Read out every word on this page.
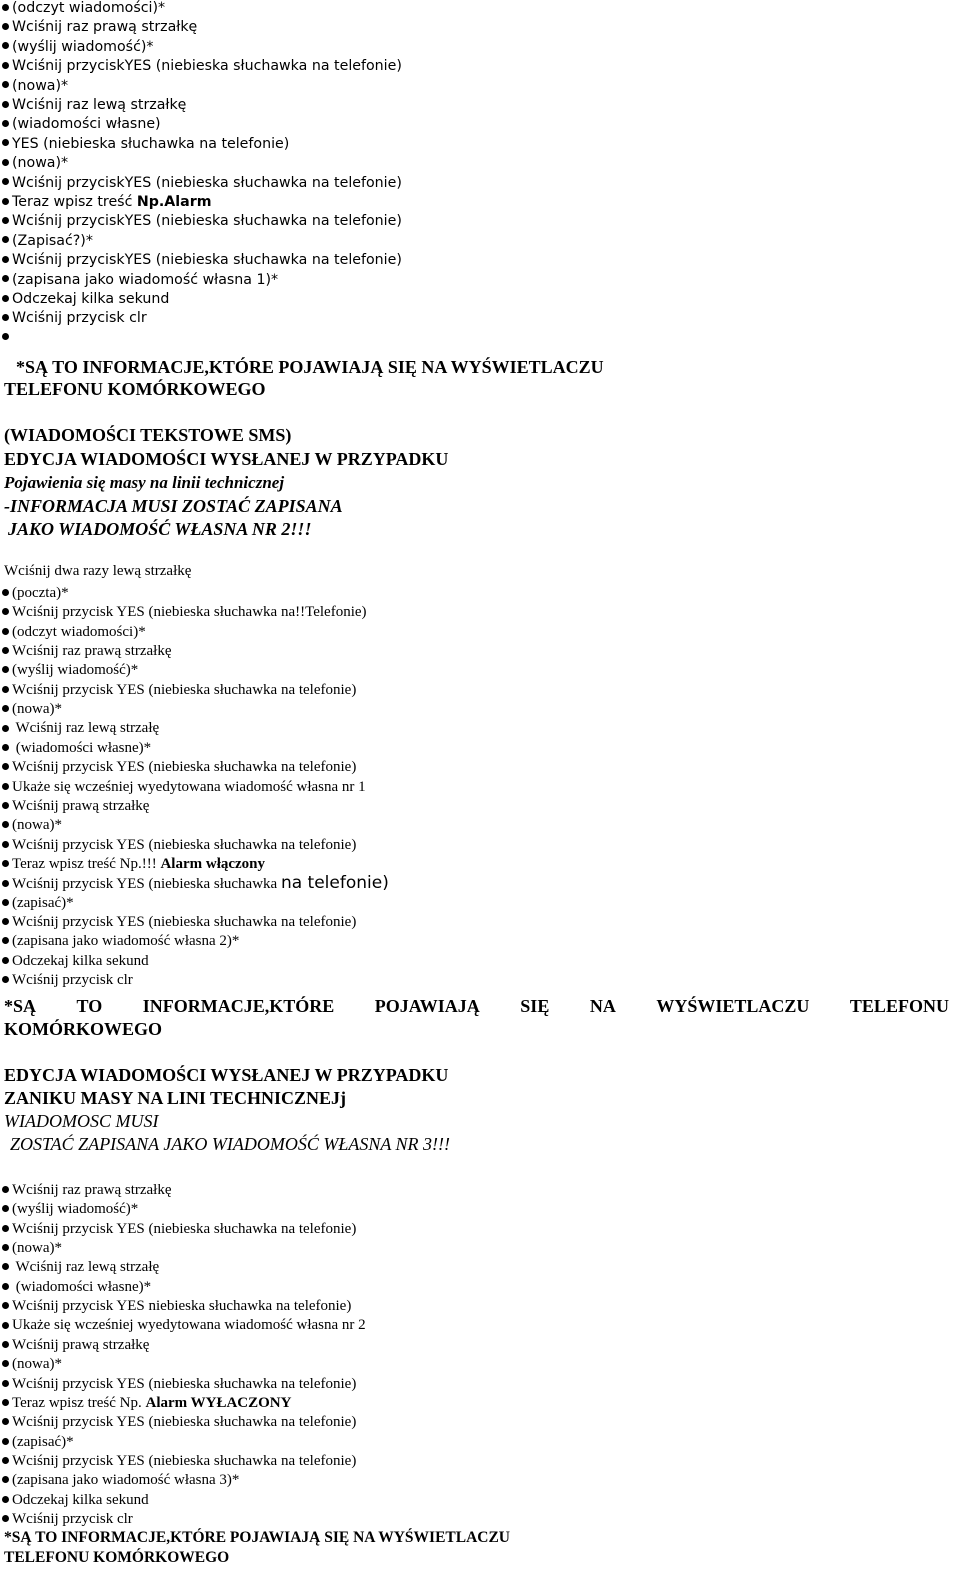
(odczyt wiadomości)*
Wciśnij raz prawą strzałkę
(wyślij wiadomość)*
Wciśnij przyciskYES (niebieska słuchawka na telefonie)
(nowa)*
Wciśnij raz lewą strzałkę
(wiadomości własne)
YES (niebieska słuchawka na telefonie)
(nowa)*
Wciśnij przyciskYES (niebieska słuchawka na telefonie)
Teraz wpisz treść Np.Alarm
Wciśnij przyciskYES (niebieska słuchawka na telefonie)
(Zapisać?)*
Wciśnij przyciskYES (niebieska słuchawka na telefonie)
(zapisana jako wiadomość własna 1)*
Odczekaj kilka sekund
Wciśnij przycisk clr
*SĄ TO INFORMACJE,KTÓRE POJAWIAJĄ SIĘ NA WYŚWIETLACZU
TELEFONU KOMÓRKOWEGO
(WIADOMOŚCI TEKSTOWE SMS)
EDYCJA WIADOMOŚCI WYSŁANEJ W PRZYPADKU
Pojawienia się masy na linii technicznej
-INFORMACJA MUSI ZOSTAĆ ZAPISANA
JAKO WIADOMOŚĆ WŁASNA NR 2!!!
Wciśnij dwa razy lewą strzałkę
(poczta)*
Wciśnij przycisk YES (niebieska słuchawka na!!Telefonie)
(odczyt wiadomości)*
Wciśnij raz prawą strzałkę
(wyślij wiadomość)*
Wciśnij przycisk YES (niebieska słuchawka na telefonie)
(nowa)*
Wciśnij raz lewą strzałę
(wiadomości własne)*
Wciśnij przycisk YES (niebieska słuchawka na telefonie)
Ukaże się wcześniej wyedytowana wiadomość własna nr 1
Wciśnij prawą strzałkę
(nowa)*
Wciśnij przycisk YES (niebieska słuchawka na telefonie)
Teraz wpisz treść Np.!!! Alarm włączony
Wciśnij przycisk YES (niebieska słuchawka na telefonie)
(zapisać)*
Wciśnij przycisk YES (niebieska słuchawka na telefonie)
(zapisana jako wiadomość własna 2)*
Odczekaj kilka sekund
Wciśnij przycisk clr
*SĄ TO INFORMACJE,KTÓRE POJAWIAJĄ SIĘ NA WYŚWIETLACZU TELEFONU
KOMÓRKOWEGO
EDYCJA WIADOMOŚCI WYSŁANEJ W PRZYPADKU
ZANIKU MASY NA LINI TECHNICZNEJj
WIADOMOSC MUSI
ZOSTAĆ ZAPISANA JAKO WIADOMOŚĆ WŁASNA NR 3!!!
Wciśnij raz prawą strzałkę
(wyślij wiadomość)*
Wciśnij przycisk YES (niebieska słuchawka na telefonie)
(nowa)*
Wciśnij raz lewą strzałę
(wiadomości własne)*
Wciśnij przycisk YES niebieska słuchawka na telefonie)
Ukaże się wcześniej wyedytowana wiadomość własna nr 2
Wciśnij prawą strzałkę
(nowa)*
Wciśnij przycisk YES (niebieska słuchawka na telefonie)
Teraz wpisz treść Np. Alarm WYŁACZONY
Wciśnij przycisk YES (niebieska słuchawka na telefonie)
(zapisać)*
Wciśnij przycisk YES (niebieska słuchawka na telefonie)
(zapisana jako wiadomość własna 3)*
Odczekaj kilka sekund
Wciśnij przycisk clr
*SĄ TO INFORMACJE,KTÓRE POJAWIAJĄ SIĘ NA WYŚWIETLACZU
TELEFONU KOMÓRKOWEGO
